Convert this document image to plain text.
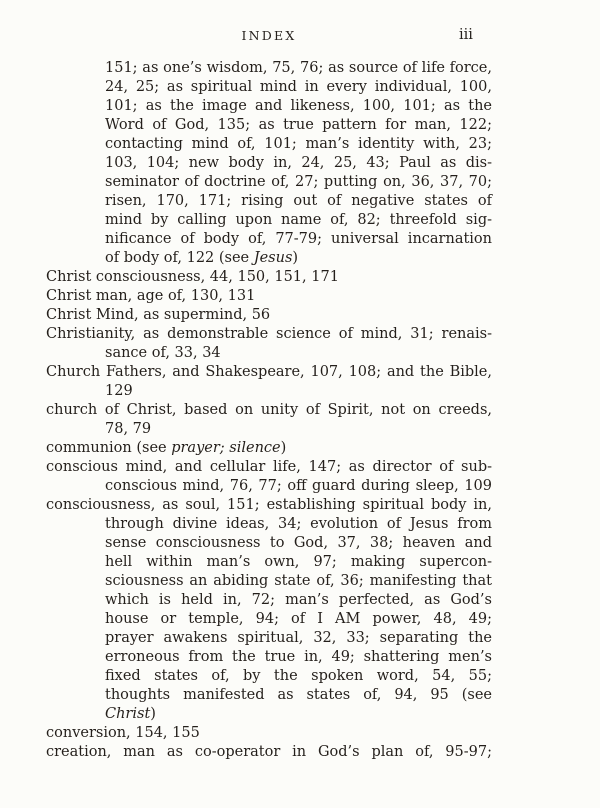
INDEX	iii
151; as one’s wisdom, 75, 76; as source of life force,
24, 25; as spiritual mind in every individual, 100,
101; as the image and likeness, 100, 101; as the
Word of God, 135; as true pattern for man, 122;
contacting mind of, 101; man’s identity with, 23;
103, 104; new body in, 24, 25, 43; Paul as dis-
seminator of doctrine of, 27; putting on, 36, 37, 70;
risen, 170, 171; rising out of negative states of
mind by calling upon name of, 82; threefold sig-
nificance of body of, 77-79; universal incarnation
of body of, 122 (see Jesus)
Christ consciousness, 44, 150, 151, 171
Christ man, age of, 130, 131
Christ Mind, as supermind, 56
Christianity, as demonstrable science of mind, 31; renais-
sance of, 33, 34
Church Fathers, and Shakespeare, 107, 108; and the Bible,
129
church of Christ, based on unity of Spirit, not on creeds,
78, 79
communion (see prayer; silence)
conscious mind, and cellular life, 147; as director of sub-
conscious mind, 76, 77; off guard during sleep, 109
consciousness, as soul, 151; establishing spiritual body in,
through divine ideas, 34; evolution of Jesus from
sense consciousness to God, 37, 38; heaven and
hell within man’s own, 97; making supercon-
sciousness an abiding state of, 36; manifesting that
which is held in, 72; man’s perfected, as God’s
house or temple, 94; of I AM power, 48, 49;
prayer awakens spiritual, 32, 33; separating the
erroneous from the true in, 49; shattering men’s
fixed states of, by the spoken word, 54, 55;
thoughts manifested as states of, 94, 95 (see
Christ)
conversion, 154, 155
creation, man as co-operator in God’s plan of, 95-97;
